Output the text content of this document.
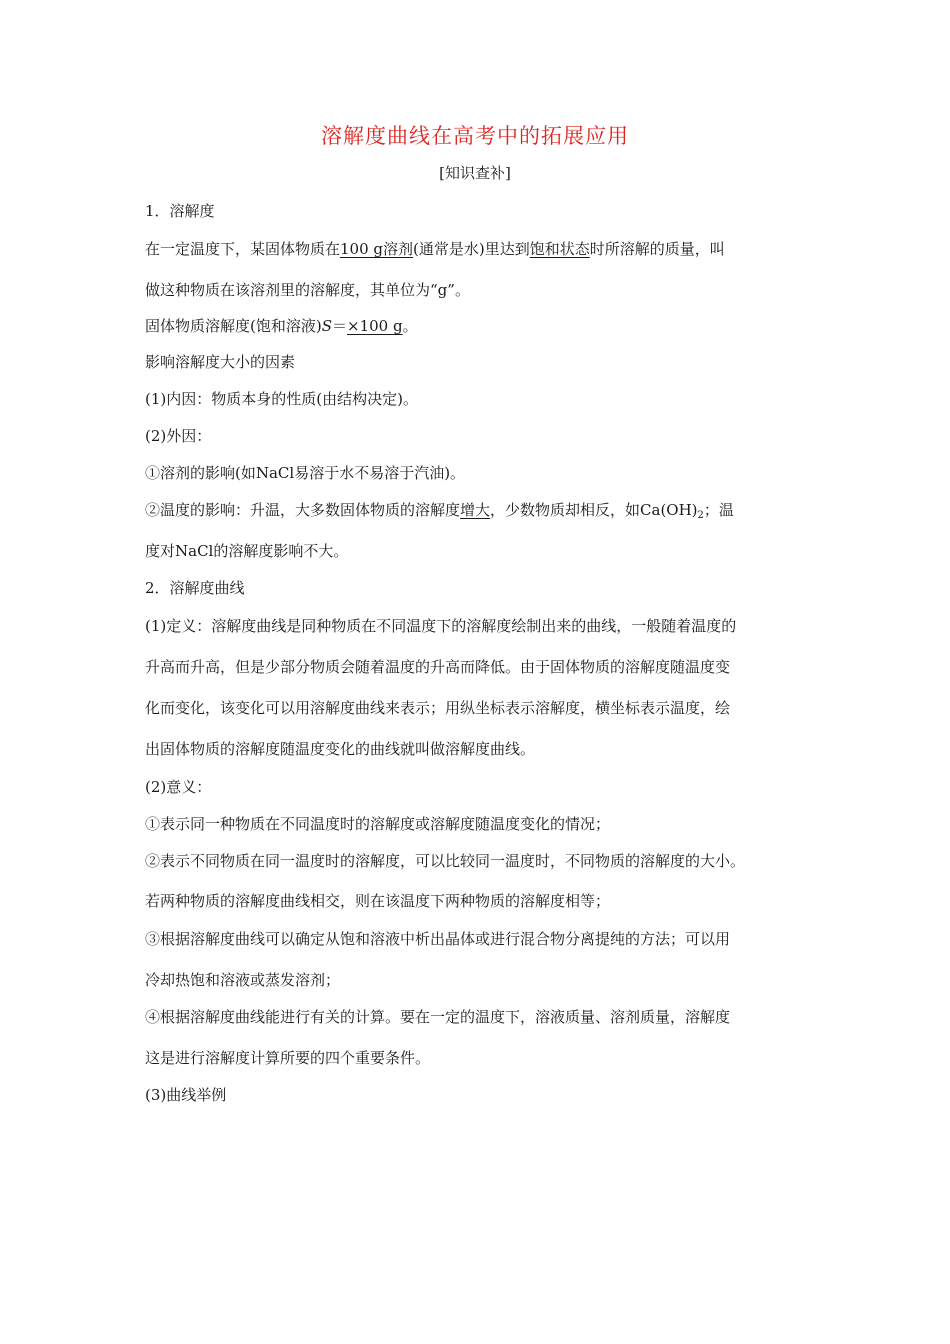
溶解度曲线在高考中的拓展应用
[知识查补]
1．溶解度
在一定温度下，某固体物质在100 g溶剂(通常是水)里达到饱和状态时所溶解的质量，叫
做这种物质在该溶剂里的溶解度，其单位为“g”。
固体物质溶解度(饱和溶液)S＝×100 g。
影响溶解度大小的因素
(1)内因：物质本身的性质(由结构决定)。
(2)外因：
①溶剂的影响(如NaCl易溶于水不易溶于汽油)。
②温度的影响：升温，大多数固体物质的溶解度增大，少数物质却相反，如$Ca(OH)_2$；温
度对NaCl的溶解度影响不大。
2．溶解度曲线
(1)定义：溶解度曲线是同种物质在不同温度下的溶解度绘制出来的曲线，一般随着温度的
升高而升高，但是少部分物质会随着温度的升高而降低。由于固体物质的溶解度随温度变
化而变化，该变化可以用溶解度曲线来表示；用纵坐标表示溶解度，横坐标表示温度，绘
出固体物质的溶解度随温度变化的曲线就叫做溶解度曲线。
(2)意义：
①表示同一种物质在不同温度时的溶解度或溶解度随温度变化的情况；
②表示不同物质在同一温度时的溶解度，可以比较同一温度时，不同物质的溶解度的大小。
若两种物质的溶解度曲线相交，则在该温度下两种物质的溶解度相等；
③根据溶解度曲线可以确定从饱和溶液中析出晶体或进行混合物分离提纯的方法；可以用
冷却热饱和溶液或蒸发溶剂；
④根据溶解度曲线能进行有关的计算。要在一定的温度下，溶液质量、溶剂质量，溶解度
这是进行溶解度计算所要的四个重要条件。
(3)曲线举例
